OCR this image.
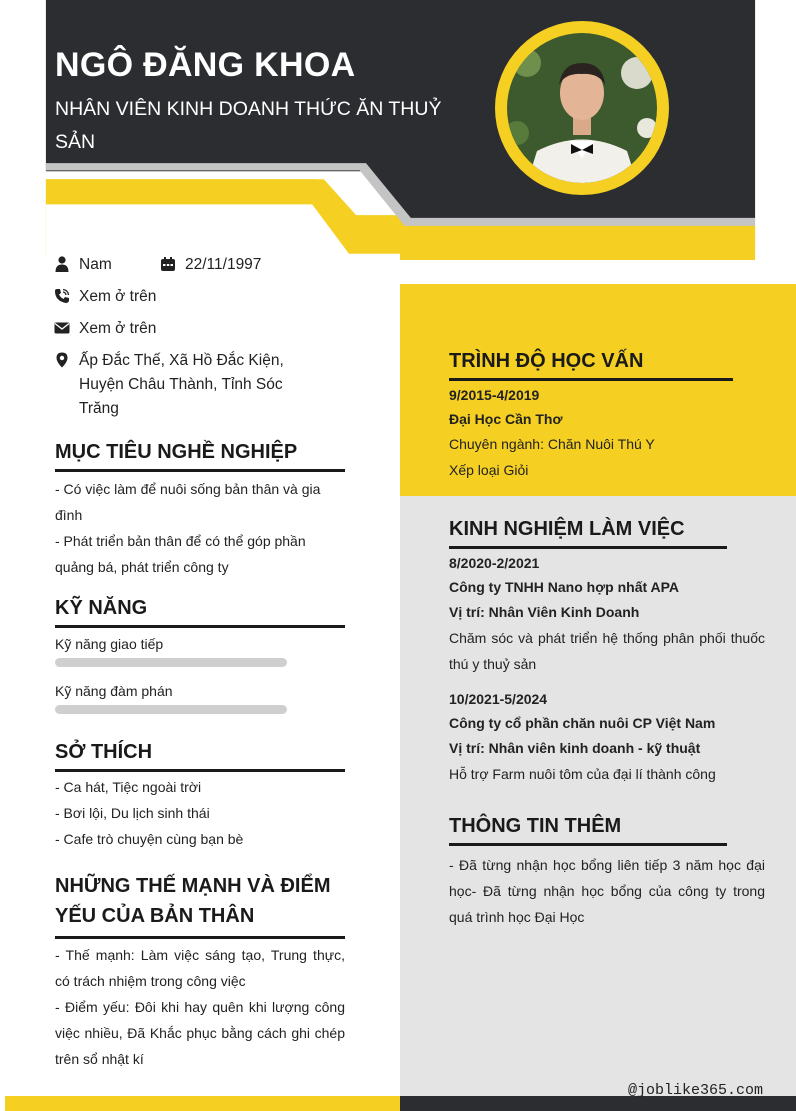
NGÔ ĐĂNG KHOA
NHÂN VIÊN KINH DOANH THỨC ĂN THUỶ SẢN
Nam	22/11/1997
Xem ở trên
Xem ở trên
Ấp Đắc Thế, Xã Hồ Đắc Kiện, Huyện Châu Thành, Tỉnh Sóc Trăng
MỤC TIÊU NGHỀ NGHIỆP
- Có việc làm để nuôi sống bản thân và gia đình
- Phát triển bản thân để có thể góp phần quảng bá, phát triển công ty
KỸ NĂNG
Kỹ năng giao tiếp
Kỹ năng đàm phán
SỞ THÍCH
- Ca hát, Tiệc ngoài trời
- Bơi lội, Du lịch sinh thái
- Cafe trò chuyện cùng bạn bè
NHỮNG THẾ MẠNH VÀ ĐIỂM YẾU CỦA BẢN THÂN
- Thế mạnh: Làm việc sáng tạo, Trung thực, có trách nhiệm trong công việc
- Điểm yếu: Đôi khi hay quên khi lượng công việc nhiều, Đã Khắc phục bằng cách ghi chép trên sổ nhật kí
TRÌNH ĐỘ HỌC VẤN
9/2015-4/2019
Đại Học Cần Thơ
Chuyên ngành: Chăn Nuôi Thú Y
Xếp loại Giỏi
KINH NGHIỆM LÀM VIỆC
8/2020-2/2021
Công ty TNHH Nano hợp nhất APA
Vị trí: Nhân Viên Kinh Doanh
Chăm sóc và phát triển hệ thống phân phối thuốc thú y thuỷ sản
10/2021-5/2024
Công ty cổ phần chăn nuôi CP Việt Nam
Vị trí: Nhân viên kinh doanh - kỹ thuật
Hỗ trợ Farm nuôi tôm của đại lí thành công
THÔNG TIN THÊM
- Đã từng nhận học bổng liên tiếp 3 năm học đại học- Đã từng nhận học bổng của công ty trong quá trình học Đại Học
@joblike365.com
